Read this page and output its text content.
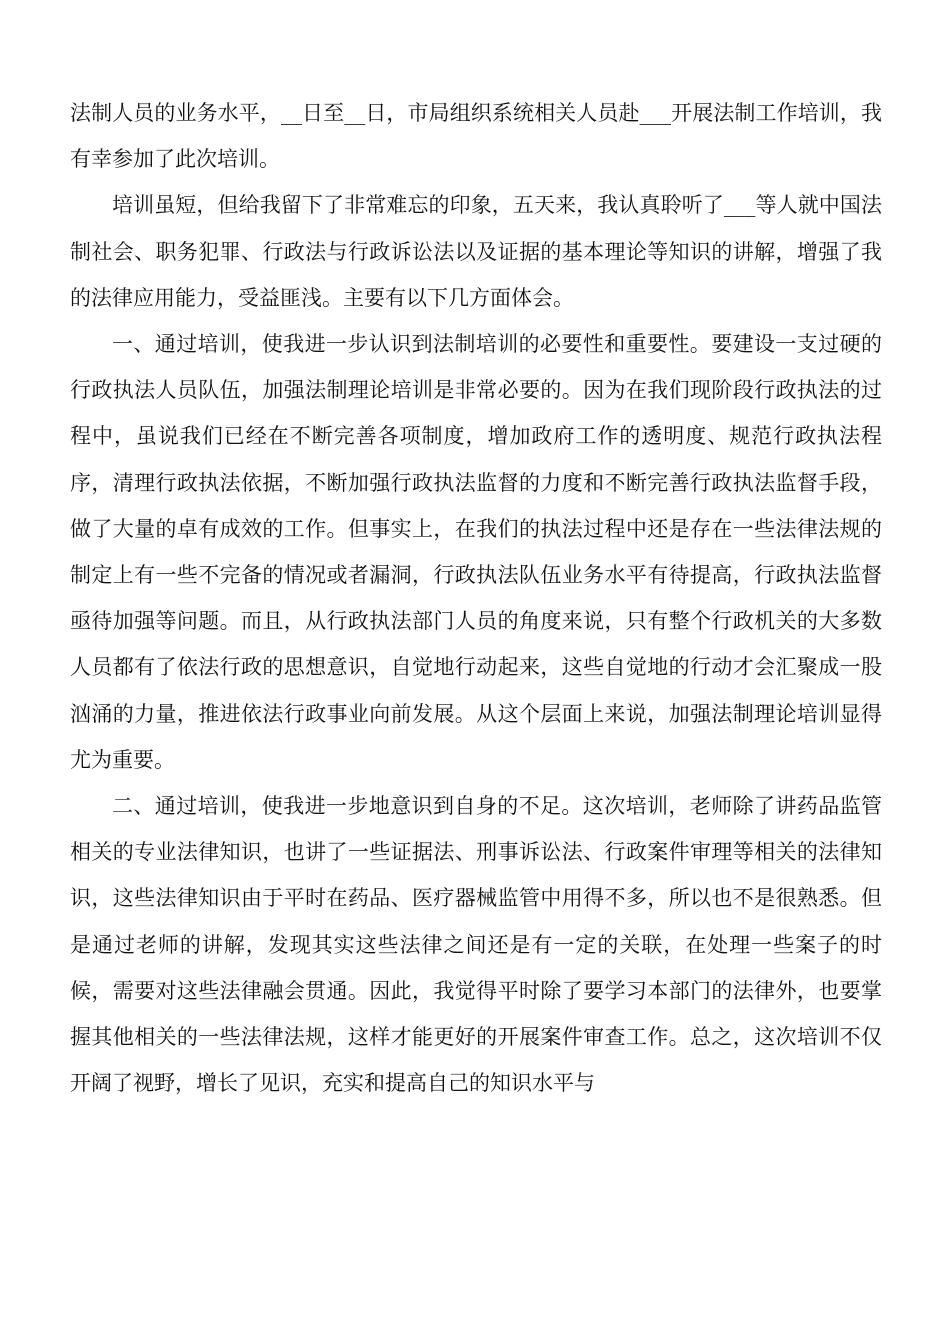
法制人员的业务水平，__日至__日，市局组织系统相关人员赴___开展法制工作培训，我有幸参加了此次培训。

培训虽短，但给我留下了非常难忘的印象，五天来，我认真聆听了___等人就中国法制社会、职务犯罪、行政法与行政诉讼法以及证据的基本理论等知识的讲解，增强了我的法律应用能力，受益匪浅。主要有以下几方面体会。

一、通过培训，使我进一步认识到法制培训的必要性和重要性。要建设一支过硬的行政执法人员队伍，加强法制理论培训是非常必要的。因为在我们现阶段行政执法的过程中，虽说我们已经在不断完善各项制度，增加政府工作的透明度、规范行政执法程序，清理行政执法依据，不断加强行政执法监督的力度和不断完善行政执法监督手段，做了大量的卓有成效的工作。但事实上，在我们的执法过程中还是存在一些法律法规的制定上有一些不完备的情况或者漏洞，行政执法队伍业务水平有待提高，行政执法监督亟待加强等问题。而且，从行政执法部门人员的角度来说，只有整个行政机关的大多数人员都有了依法行政的思想意识，自觉地行动起来，这些自觉地的行动才会汇聚成一股汹涌的力量，推进依法行政事业向前发展。从这个层面上来说，加强法制理论培训显得尤为重要。

二、通过培训，使我进一步地意识到自身的不足。这次培训，老师除了讲药品监管相关的专业法律知识，也讲了一些证据法、刑事诉讼法、行政案件审理等相关的法律知识，这些法律知识由于平时在药品、医疗器械监管中用得不多，所以也不是很熟悉。但是通过老师的讲解，发现其实这些法律之间还是有一定的关联，在处理一些案子的时候，需要对这些法律融会贯通。因此，我觉得平时除了要学习本部门的法律外，也要掌握其他相关的一些法律法规，这样才能更好的开展案件审查工作。总之，这次培训不仅开阔了视野，增长了见识，充实和提高自己的知识水平与
